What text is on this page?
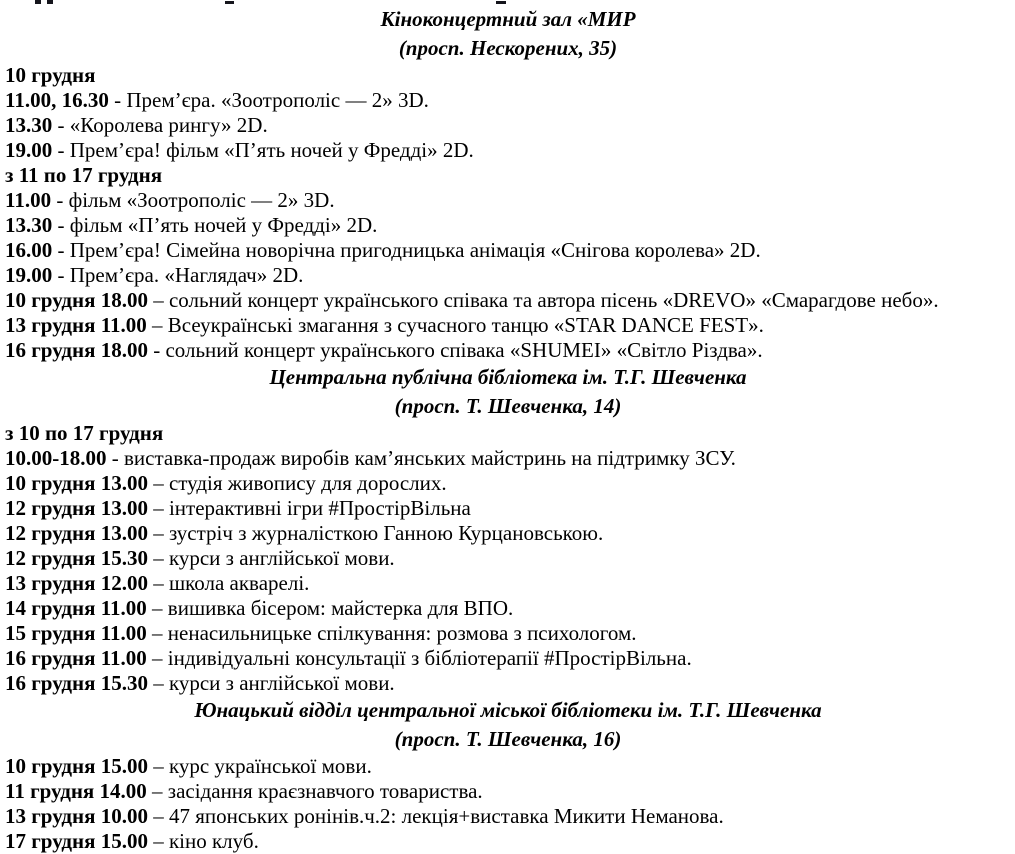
Кіноконцертний зал «МИР
(просп. Нескорених, 35)
10 грудня
11.00, 16.30 - Прем’єра. «Зоотрополіс — 2» 3D.
13.30 - «Королева рингу» 2D.
19.00 - Прем’єра! фільм «П’ять ночей у Фредді» 2D.
з 11 по 17 грудня
11.00 - фільм «Зоотрополіс — 2» 3D.
13.30 - фільм «П’ять ночей у Фредді» 2D.
16.00 - Прем’єра! Сімейна новорічна пригодницька анімація «Снігова королева» 2D.
19.00 - Прем’єра. «Наглядач» 2D.
10 грудня 18.00 – сольний концерт українського співака та автора пісень «DREVO» «Смарагдове небо».
13 грудня 11.00 – Всеукраїнські змагання з сучасного танцю «STAR DANCE FEST».
16 грудня 18.00 - сольний концерт українського співака «SHUMEI» «Світло Різдва».
Центральна публічна бібліотека ім. Т.Г. Шевченка
(просп. Т. Шевченка, 14)
з 10 по 17 грудня
10.00-18.00 - виставка-продаж виробів кам’янських майстринь на підтримку ЗСУ.
10 грудня 13.00 – студія живопису для дорослих.
12 грудня 13.00 – інтерактивні ігри #ПростірВільна
12 грудня 13.00 – зустріч з журналісткою Ганною Курцановською.
12 грудня 15.30 – курси з англійської мови.
13 грудня 12.00 – школа акварелі.
14 грудня 11.00 – вишивка бісером: майстерка для ВПО.
15 грудня 11.00 – ненасильницьке спілкування: розмова з психологом.
16 грудня 11.00 – індивідуальні консультації з бібліотерапії #ПростірВільна.
16 грудня 15.30 – курси з англійської мови.
Юнацький відділ центральної міської бібліотеки ім. Т.Г. Шевченка
(просп. Т. Шевченка, 16)
10 грудня 15.00 – курс української мови.
11 грудня 14.00 – засідання краєзнавчого товариства.
13 грудня 10.00 – 47 японських ронінів.ч.2: лекція+виставка Микити Неманова.
17 грудня 15.00 – кіно клуб.
